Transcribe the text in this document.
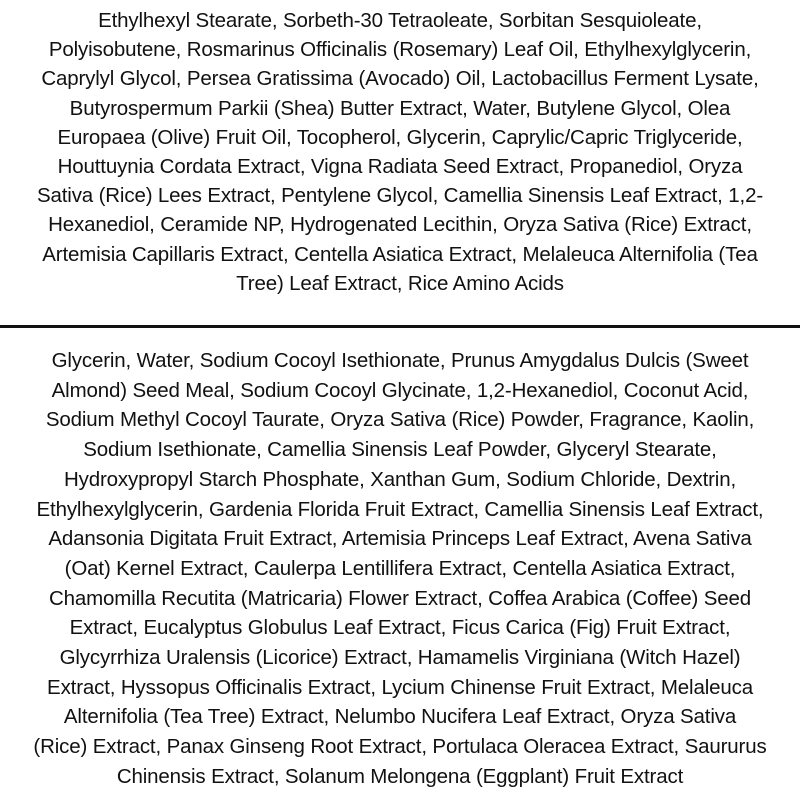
Ethylhexyl Stearate, Sorbeth-30 Tetraoleate, Sorbitan Sesquioleate,
Polyisobutene, Rosmarinus Officinalis (Rosemary) Leaf Oil, Ethylhexylglycerin,
Caprylyl Glycol, Persea Gratissima (Avocado) Oil, Lactobacillus Ferment Lysate,
Butyrospermum Parkii (Shea) Butter Extract, Water, Butylene Glycol, Olea
Europaea (Olive) Fruit Oil, Tocopherol, Glycerin, Caprylic/Capric Triglyceride,
Houttuynia Cordata Extract, Vigna Radiata Seed Extract, Propanediol, Oryza
Sativa (Rice) Lees Extract, Pentylene Glycol, Camellia Sinensis Leaf Extract, 1,2-
Hexanediol, Ceramide NP, Hydrogenated Lecithin, Oryza Sativa (Rice) Extract,
Artemisia Capillaris Extract, Centella Asiatica Extract, Melaleuca Alternifolia (Tea
Tree) Leaf Extract, Rice Amino Acids
Glycerin, Water, Sodium Cocoyl Isethionate, Prunus Amygdalus Dulcis (Sweet
Almond) Seed Meal, Sodium Cocoyl Glycinate, 1,2-Hexanediol, Coconut Acid,
Sodium Methyl Cocoyl Taurate, Oryza Sativa (Rice) Powder, Fragrance, Kaolin,
Sodium Isethionate, Camellia Sinensis Leaf Powder, Glyceryl Stearate,
Hydroxypropyl Starch Phosphate, Xanthan Gum, Sodium Chloride, Dextrin,
Ethylhexylglycerin, Gardenia Florida Fruit Extract, Camellia Sinensis Leaf Extract,
Adansonia Digitata Fruit Extract, Artemisia Princeps Leaf Extract, Avena Sativa
(Oat) Kernel Extract, Caulerpa Lentillifera Extract, Centella Asiatica Extract,
Chamomilla Recutita (Matricaria) Flower Extract, Coffea Arabica (Coffee) Seed
Extract, Eucalyptus Globulus Leaf Extract, Ficus Carica (Fig) Fruit Extract,
Glycyrrhiza Uralensis (Licorice) Extract, Hamamelis Virginiana (Witch Hazel)
Extract, Hyssopus Officinalis Extract, Lycium Chinense Fruit Extract, Melaleuca
Alternifolia (Tea Tree) Extract, Nelumbo Nucifera Leaf Extract, Oryza Sativa
(Rice) Extract, Panax Ginseng Root Extract, Portulaca Oleracea Extract, Saururus
Chinensis Extract, Solanum Melongena (Eggplant) Fruit Extract
